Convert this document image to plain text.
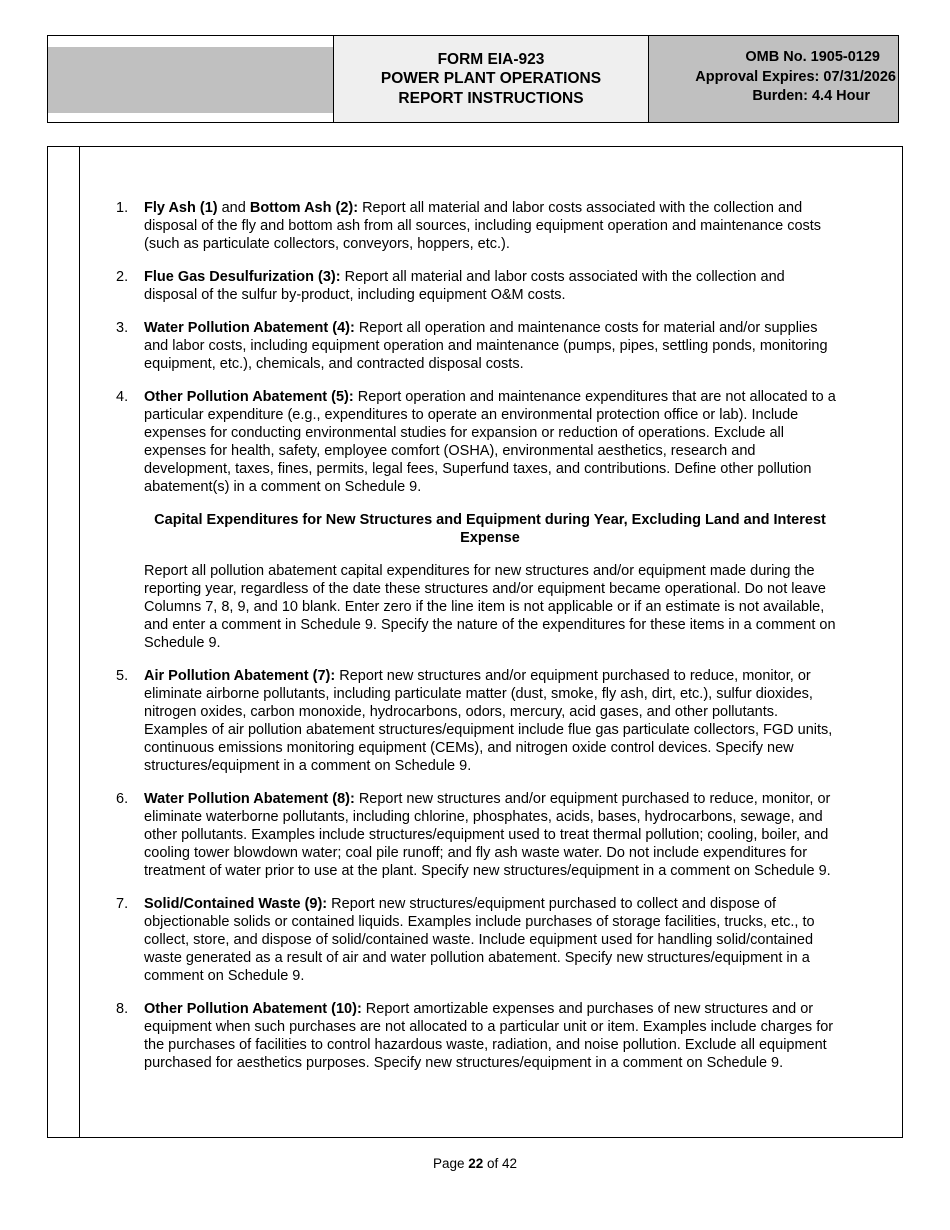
FORM EIA-923
POWER PLANT OPERATIONS
REPORT INSTRUCTIONS
OMB No. 1905-0129
Approval Expires: 07/31/2026
Burden: 4.4 Hour
1. Fly Ash (1) and Bottom Ash (2): Report all material and labor costs associated with the collection and disposal of the fly and bottom ash from all sources, including equipment operation and maintenance costs (such as particulate collectors, conveyors, hoppers, etc.).
2. Flue Gas Desulfurization (3): Report all material and labor costs associated with the collection and disposal of the sulfur by-product, including equipment O&M costs.
3. Water Pollution Abatement (4): Report all operation and maintenance costs for material and/or supplies and labor costs, including equipment operation and maintenance (pumps, pipes, settling ponds, monitoring equipment, etc.), chemicals, and contracted disposal costs.
4. Other Pollution Abatement (5): Report operation and maintenance expenditures that are not allocated to a particular expenditure (e.g., expenditures to operate an environmental protection office or lab). Include expenses for conducting environmental studies for expansion or reduction of operations. Exclude all expenses for health, safety, employee comfort (OSHA), environmental aesthetics, research and development, taxes, fines, permits, legal fees, Superfund taxes, and contributions. Define other pollution abatement(s) in a comment on Schedule 9.
Capital Expenditures for New Structures and Equipment during Year, Excluding Land and Interest Expense
Report all pollution abatement capital expenditures for new structures and/or equipment made during the reporting year, regardless of the date these structures and/or equipment became operational. Do not leave Columns 7, 8, 9, and 10 blank. Enter zero if the line item is not applicable or if an estimate is not available, and enter a comment in Schedule 9. Specify the nature of the expenditures for these items in a comment on Schedule 9.
5. Air Pollution Abatement (7): Report new structures and/or equipment purchased to reduce, monitor, or eliminate airborne pollutants, including particulate matter (dust, smoke, fly ash, dirt, etc.), sulfur dioxides, nitrogen oxides, carbon monoxide, hydrocarbons, odors, mercury, acid gases, and other pollutants. Examples of air pollution abatement structures/equipment include flue gas particulate collectors, FGD units, continuous emissions monitoring equipment (CEMs), and nitrogen oxide control devices. Specify new structures/equipment in a comment on Schedule 9.
6. Water Pollution Abatement (8): Report new structures and/or equipment purchased to reduce, monitor, or eliminate waterborne pollutants, including chlorine, phosphates, acids, bases, hydrocarbons, sewage, and other pollutants. Examples include structures/equipment used to treat thermal pollution; cooling, boiler, and cooling tower blowdown water; coal pile runoff; and fly ash waste water. Do not include expenditures for treatment of water prior to use at the plant. Specify new structures/equipment in a comment on Schedule 9.
7. Solid/Contained Waste (9): Report new structures/equipment purchased to collect and dispose of objectionable solids or contained liquids. Examples include purchases of storage facilities, trucks, etc., to collect, store, and dispose of solid/contained waste. Include equipment used for handling solid/contained waste generated as a result of air and water pollution abatement. Specify new structures/equipment in a comment on Schedule 9.
8. Other Pollution Abatement (10): Report amortizable expenses and purchases of new structures and or equipment when such purchases are not allocated to a particular unit or item. Examples include charges for the purchases of facilities to control hazardous waste, radiation, and noise pollution. Exclude all equipment purchased for aesthetics purposes. Specify new structures/equipment in a comment on Schedule 9.
Page 22 of 42
